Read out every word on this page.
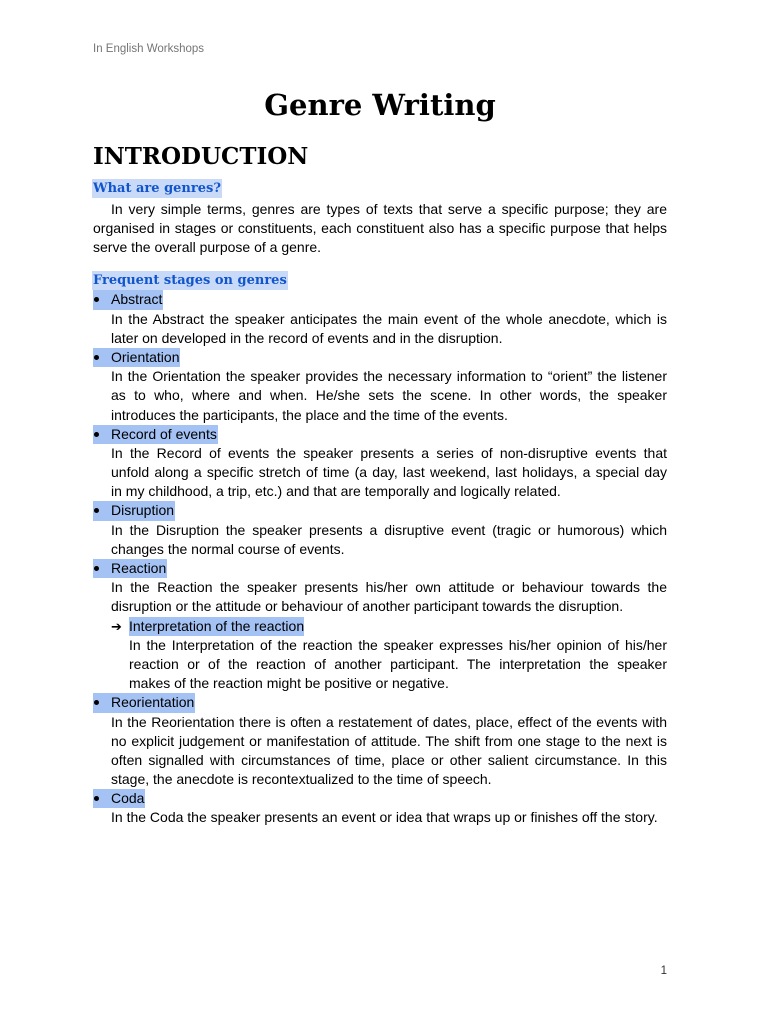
In English Workshops
Genre Writing
INTRODUCTION
What are genres?
In very simple terms, genres are types of texts that serve a specific purpose; they are
organised in stages or constituents, each constituent also has a specific purpose that helps
serve the overall purpose of a genre.
Frequent stages on genres
Abstract
In the Abstract the speaker anticipates the main event of the whole anecdote, which is
later on developed in the record of events and in the disruption.
Orientation
In the Orientation the speaker provides the necessary information to “orient” the listener
as to who, where and when. He/she sets the scene. In other words, the speaker
introduces the participants, the place and the time of the events.
Record of events
In the Record of events the speaker presents a series of non-disruptive events that
unfold along a specific stretch of time (a day, last weekend, last holidays, a special day
in my childhood, a trip, etc.) and that are temporally and logically related.
Disruption
In the Disruption the speaker presents a disruptive event (tragic or humorous) which
changes the normal course of events.
Reaction
In the Reaction the speaker presents his/her own attitude or behaviour towards the
disruption or the attitude or behaviour of another participant towards the disruption.
➔Interpretation of the reaction
In the Interpretation of the reaction the speaker expresses his/her opinion of his/her
reaction or of the reaction of another participant. The interpretation the speaker
makes of the reaction might be positive or negative.
Reorientation
In the Reorientation there is often a restatement of dates, place, effect of the events with
no explicit judgement or manifestation of attitude. The shift from one stage to the next is
often signalled with circumstances of time, place or other salient circumstance. In this
stage, the anecdote is recontextualized to the time of speech.
Coda
In the Coda the speaker presents an event or idea that wraps up or finishes off the story.
1
